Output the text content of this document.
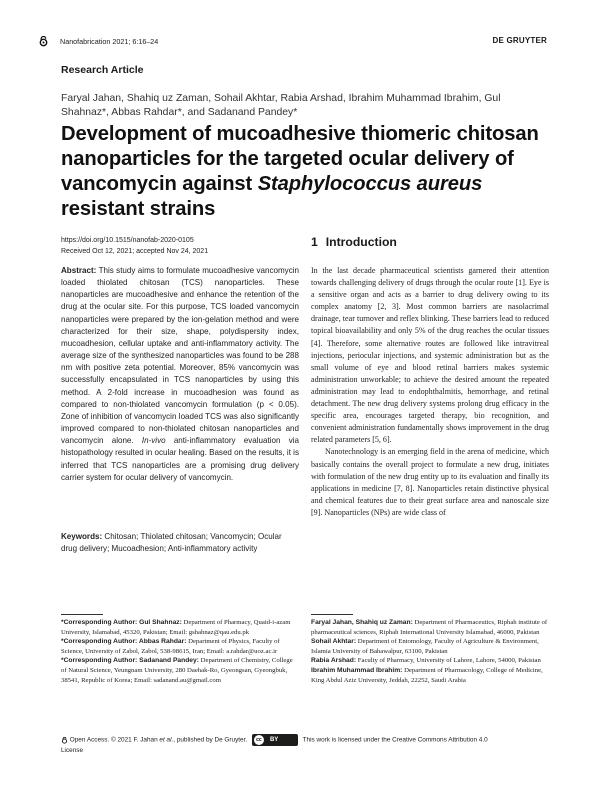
Nanofabrication 2021; 6:16–24	DE GRUYTER
Research Article
Faryal Jahan, Shahiq uz Zaman, Sohail Akhtar, Rabia Arshad, Ibrahim Muhammad Ibrahim, Gul
Shahnaz*, Abbas Rahdar*, and Sadanand Pandey*
Development of mucoadhesive thiomeric chitosan
nanoparticles for the targeted ocular delivery of
vancomycin against Staphylococcus aureus
resistant strains
https://doi.org/10.1515/nanofab-2020-0105
Received Oct 12, 2021; accepted Nov 24, 2021
Abstract: This study aims to formulate mucoadhesive vancomycin loaded thiolated chitosan (TCS) nanoparticles. These nanoparticles are mucoadhesive and enhance the retention of the drug at the ocular site. For this purpose, TCS loaded vancomycin nanoparticles were prepared by the ion-gelation method and were characterized for their size, shape, polydispersity index, mucoadhesion, cellular uptake and anti-inflammatory activity. The average size of the synthesized nanoparticles was found to be 288 nm with positive zeta potential. Moreover, 85% vancomycin was successfully encapsulated in TCS nanoparticles by using this method. A 2-fold increase in mucoadhesion was found as compared to non-thiolated vancomycin formulation (p < 0.05). Zone of inhibition of vancomycin loaded TCS was also significantly improved compared to non-thiolated chitosan nanoparticles and vancomycin alone. In-vivo anti-inflammatory evaluation via histopathology resulted in ocular healing. Based on the results, it is inferred that TCS nanoparticles are a promising drug delivery carrier system for ocular delivery of vancomycin.
Keywords: Chitosan; Thiolated chitosan; Vancomycin; Ocular drug delivery; Mucoadhesion; Anti-inflammatory activity
1 Introduction

In the last decade pharmaceutical scientists garnered their attention towards challenging delivery of drugs through the ocular route [1]. Eye is a sensitive organ and acts as a barrier to drug delivery owing to its complex anatomy [2, 3]. Most common barriers are nasolacrimal drainage, tear turnover and reflex blinking. These barriers lead to reduced topical bioavailability and only 5% of the drug reaches the ocular tissues [4]. Therefore, some alternative routes are followed like intravitreal injections, periocular injections, and systemic administration but as the small volume of eye and blood retinal barriers makes systemic administration unworkable; to achieve the desired amount the repeated administration may lead to endophthalmitis, hemorrhage, and retinal detachment. The new drug delivery systems prolong drug efficacy in the specific area, encourages targeted therapy, bio recognition, and convenient administration fundamentally shows improvement in the drug related parameters [5, 6].

Nanotechnology is an emerging field in the arena of medicine, which basically contains the overall project to formulate a new drug, initiates with formulation of the new drug entity up to its evaluation and finally its applications in medicine [7, 8]. Nanoparticles retain distinctive physical and chemical features due to their great surface area and nanoscale size [9]. Nanoparticles (NPs) are wide class of

*Corresponding Author: Gul Shahnaz: Department of Pharmacy, Quaid-i-azam University, Islamabad, 45320, Pakistan; Email: gshahnaz@qau.edu.pk

*Corresponding Author: Abbas Rahdar: Department of Physics, Faculty of Science, University of Zabol, Zabol, 538-98615, Iran; Email: a.rahdar@uoz.ac.ir

*Corresponding Author: Sadanand Pandey: Department of Chemistry, College of Natural Science, Yeungnam University, 280 Daehak-Ro, Gyeongsan, Gyeongbuk, 38541, Republic of Korea; Email: sadanand.au@gmail.com

Faryal Jahan, Shahiq uz Zaman: Department of Pharmaceutics, Riphah institute of pharmaceutical sciences, Riphah International University Islamabad, 46000, Pakistan

Sohail Akhtar: Department of Entomology, Faculty of Agriculture & Environment, Islamia University of Bahawalpur, 63100, Pakistan

Rabia Arshad: Faculty of Pharmacy, University of Lahore, Lahore, 54000, Pakistan

Ibrahim Muhammad Ibrahim: Department of Pharmacology, College of Medicine, King Abdul Aziz University, Jeddah, 22252, Saudi Arabia

Open Access. © 2021 F. Jahan et al., published by De Gruyter.	cc	BY	This work is licensed under the Creative Commons Attribution 4.0
License
